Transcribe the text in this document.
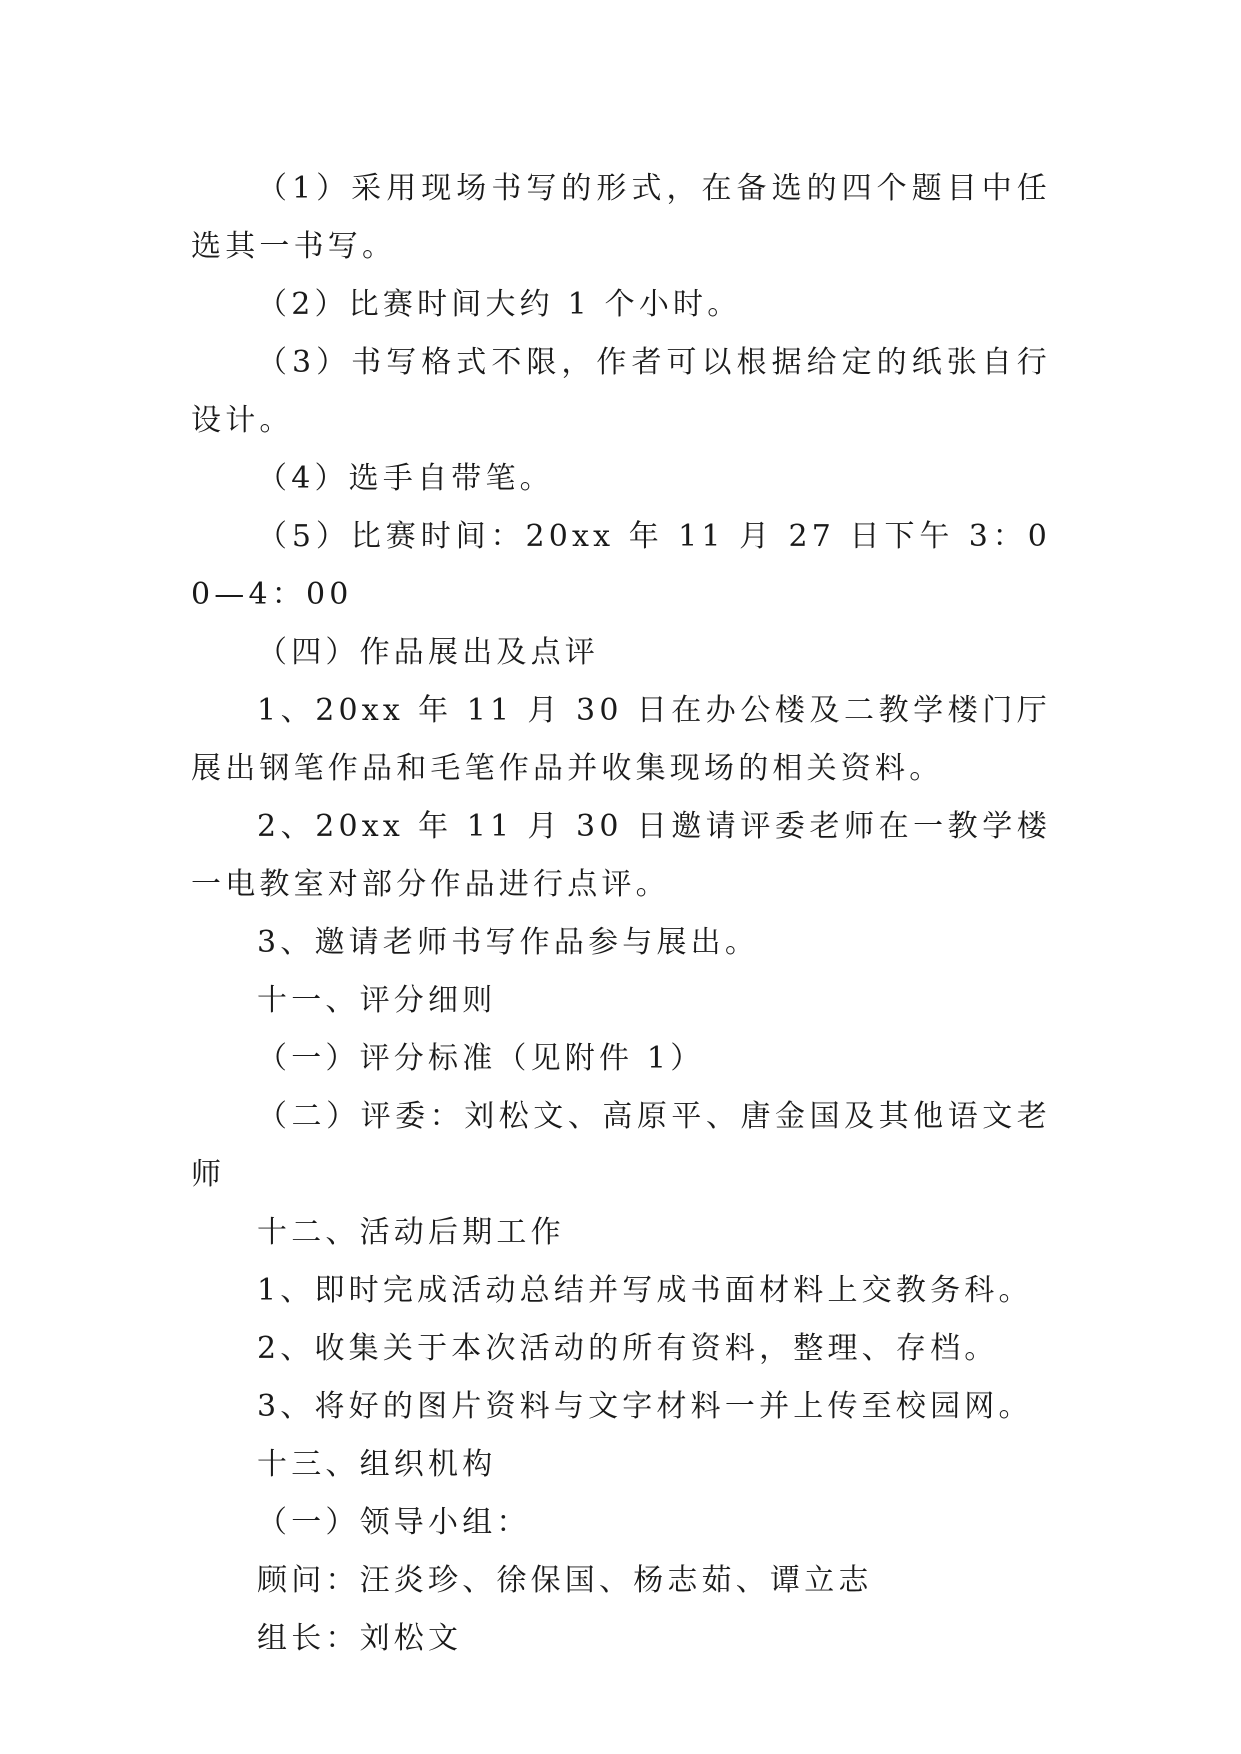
（1）采用现场书写的形式，在备选的四个题目中任选其一书写。

（2）比赛时间大约 1 个小时。

（3）书写格式不限，作者可以根据给定的纸张自行设计。

（4）选手自带笔。

（5）比赛时间：20xx 年 11 月 27 日下午 3：00—4：00

（四）作品展出及点评

1、20xx 年 11 月 30 日在办公楼及二教学楼门厅展出钢笔作品和毛笔作品并收集现场的相关资料。

2、20xx 年 11 月 30 日邀请评委老师在一教学楼一电教室对部分作品进行点评。

3、邀请老师书写作品参与展出。

十一、评分细则

（一）评分标准（见附件 1）

（二）评委：刘松文、高原平、唐金国及其他语文老师

十二、活动后期工作

1、即时完成活动总结并写成书面材料上交教务科。

2、收集关于本次活动的所有资料，整理、存档。

3、将好的图片资料与文字材料一并上传至校园网。

十三、组织机构

（一）领导小组：

顾问：汪炎珍、徐保国、杨志茹、谭立志

组长：刘松文
